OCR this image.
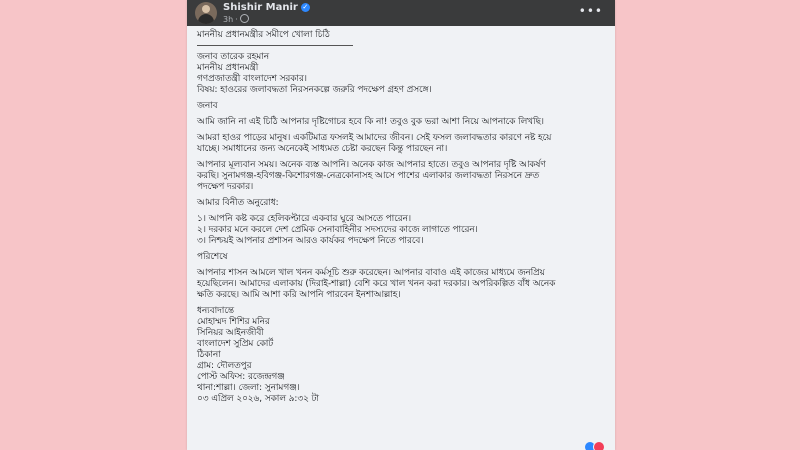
Shishir Manir ✓
3h ·
•••
মাননীয় প্রধানমন্ত্রীর সমীপে খোলা চিঠি
জনাব তারেক রহমান
মাননীয় প্রধানমন্ত্রী
গণপ্রজাতন্ত্রী বাংলাদেশ সরকার।
বিষয়: হাওরের জলাবদ্ধতা নিরসনকল্পে জরুরি পদক্ষেপ গ্রহণ প্রসঙ্গে।
জনাব
আমি জানি না এই চিঠি আপনার দৃষ্টিগোচর হবে কি না! তবুও বুক ভরা আশা নিয়ে আপনাকে লিখছি।
আমরা হাওর পাড়ের মানুষ। একটিমাত্র ফসলই আমাদের জীবন। সেই ফসল জলাবদ্ধতার কারণে নষ্ট হয়ে
যাচ্ছে। সমাধানের জন্য অনেকেই সাধ্যমত চেষ্টা করছেন কিন্তু পারছেন না।
আপনার মূল্যবান সময়। অনেক ব্যস্ত আপনি। অনেক কাজ আপনার হাতে। তবুও আপনার দৃষ্টি আকর্ষণ
করছি। সুনামগঞ্জ-হবিগঞ্জ-কিশোরগঞ্জ-নেত্রকোনাসহ আসে পাশের এলাকার জলাবদ্ধতা নিরসনে দ্রুত
পদক্ষেপ দরকার।
আমার বিনীত অনুরোধ:
১। আপনি কষ্ট করে হেলিকপ্টারে একবার ঘুরে আসতে পারেন।
২। দরকার মনে করলে দেশ প্রেমিক সেনাবাহিনীর সদস্যদের কাজে লাগাতে পারেন।
৩। নিশ্চয়ই আপনার প্রশাসন আরও কার্যকর পদক্ষেপ নিতে পারবে।
পরিশেষে
আপনার শাসন আমলে খাল খনন কর্মসূচি শুরু করেছেন। আপনার বাবাও এই কাজের মাধ্যমে জনপ্রিয়
হয়েছিলেন। আমাদের এলাকায় (দিরাই-শাল্লা) বেশি করে খাল খনন করা দরকার। অপরিকল্পিত বাঁধ অনেক
ক্ষতি করছে। আমি আশা করি আপনি পারবেন ইনশাআল্লাহ।
ধন্যবাদান্তে
মোহাম্মদ শিশির মনির
সিনিয়র আইনজীবী
বাংলাদেশ সুপ্রিম কোর্ট
ঠিকানা
গ্রাম: দৌলতপুর
পোস্ট অফিস: রজেন্দ্রগঞ্জ
থানা:শাল্লা। জেলা: সুনামগঞ্জ।
০৩ এপ্রিল ২০২৬, সকাল ৯:৩২ টা
